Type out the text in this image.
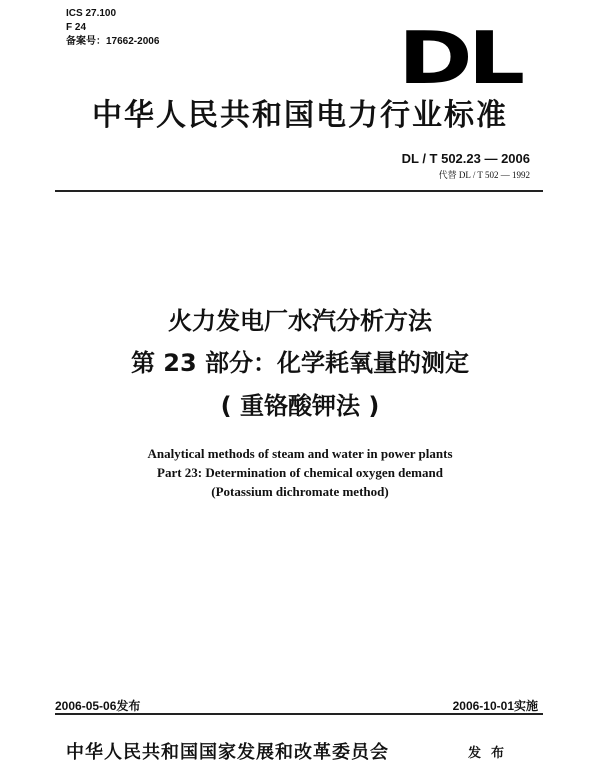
ICS 27.100
F 24
备案号：17662-2006	DL
中华人民共和国电力行业标准
DL / T 502.23 — 2006
代替 DL / T 502 — 1992
火力发电厂水汽分析方法
第 23 部分：化学耗氧量的测定
( 重铬酸钾法 )
Analytical methods of steam and water in power plants
Part 23: Determination of chemical oxygen demand
(Potassium dichromate method)
2006-05-06发布	2006-10-01实施
中华人民共和国国家发展和改革委员会	发布
